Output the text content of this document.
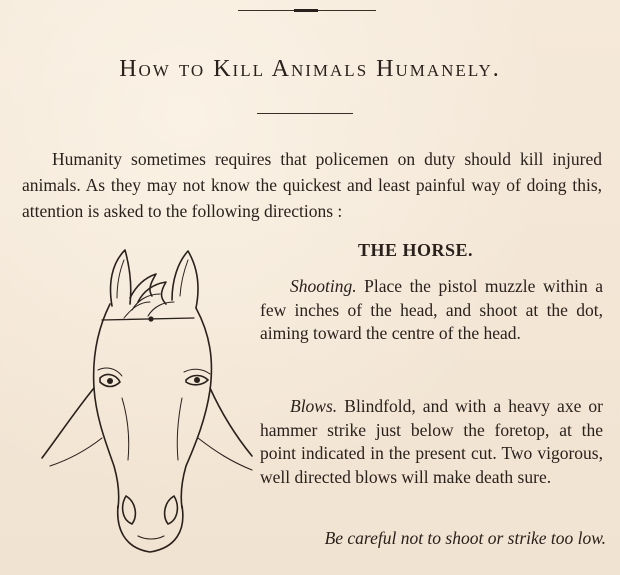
How to Kill Animals Humanely.
Humanity sometimes requires that policemen on duty should kill injured animals. As they may not know the quickest and least painful way of doing this, attention is asked to the following directions :
THE HORSE.
Shooting. Place the pistol muzzle within a few inches of the head, and shoot at the dot, aiming toward the centre of the head.
Blows. Blindfold, and with a heavy axe or hammer strike just below the foretop, at the point indicated in the present cut. Two vigorous, well directed blows will make death sure.
Be careful not to shoot or strike too low.
